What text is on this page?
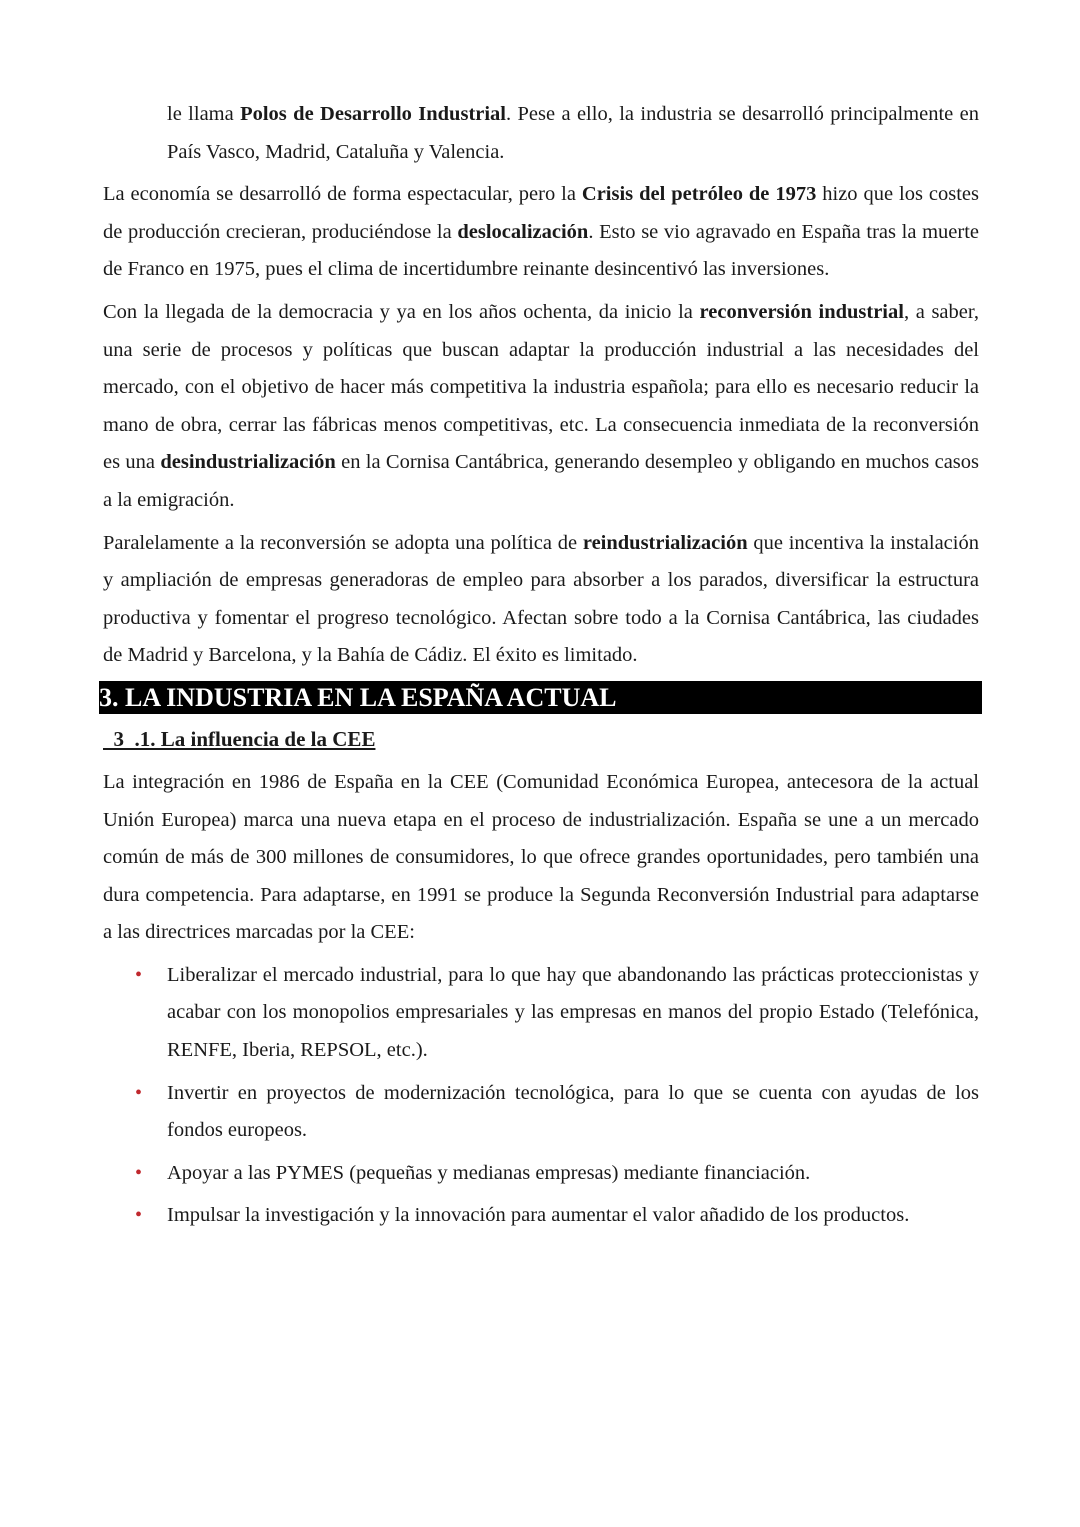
le llama Polos de Desarrollo Industrial. Pese a ello, la industria se desarrolló principalmente en País Vasco, Madrid, Cataluña y Valencia.

La economía se desarrolló de forma espectacular, pero la Crisis del petróleo de 1973 hizo que los costes de producción crecieran, produciéndose la deslocalización. Esto se vio agravado en España tras la muerte de Franco en 1975, pues el clima de incertidumbre reinante desincentivó las inversiones.

Con la llegada de la democracia y ya en los años ochenta, da inicio la reconversión industrial, a saber, una serie de procesos y políticas que buscan adaptar la producción industrial a las necesidades del mercado, con el objetivo de hacer más competitiva la industria española; para ello es necesario reducir la mano de obra, cerrar las fábricas menos competitivas, etc. La consecuencia inmediata de la reconversión es una desindustrialización en la Cornisa Cantábrica, generando desempleo y obligando en muchos casos a la emigración.

Paralelamente a la reconversión se adopta una política de reindustrialización que incentiva la instalación y ampliación de empresas generadoras de empleo para absorber a los parados, diversificar la estructura productiva y fomentar el progreso tecnológico. Afectan sobre todo a la Cornisa Cantábrica, las ciudades de Madrid y Barcelona, y la Bahía de Cádiz. El éxito es limitado.

3. LA INDUSTRIA EN LA ESPAÑA ACTUAL
3  .1. La influencia de la CEE

La integración en 1986 de España en la CEE (Comunidad Económica Europea, antecesora de la actual Unión Europea) marca una nueva etapa en el proceso de industrialización. España se une a un mercado común de más de 300 millones de consumidores, lo que ofrece grandes oportunidades, pero también una dura competencia. Para adaptarse, en 1991 se produce la Segunda Reconversión Industrial para adaptarse a las directrices marcadas por la CEE:

• Liberalizar el mercado industrial, para lo que hay que abandonando las prácticas proteccionistas y acabar con los monopolios empresariales y las empresas en manos del propio Estado (Telefónica, RENFE, Iberia, REPSOL, etc.).

• Invertir en proyectos de modernización tecnológica, para lo que se cuenta con ayudas de los fondos europeos.

• Apoyar a las PYMES (pequeñas y medianas empresas) mediante financiación.

• Impulsar la investigación y la innovación para aumentar el valor añadido de los productos.
